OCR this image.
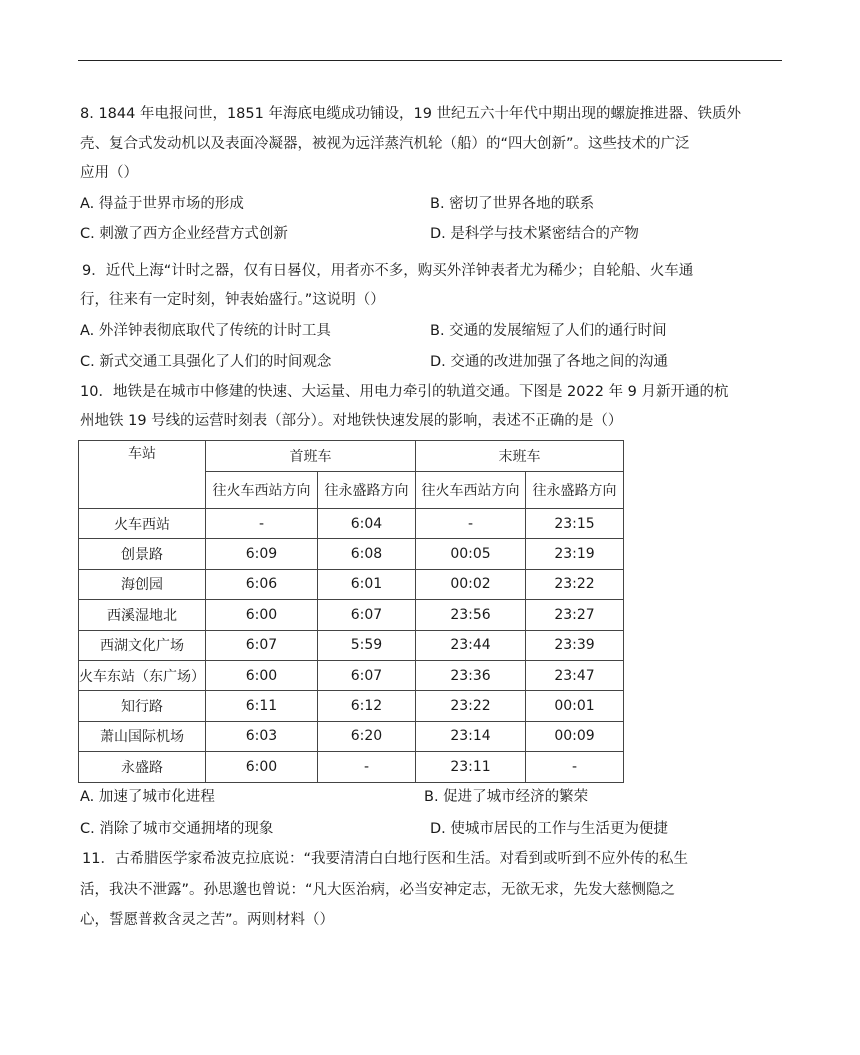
8. 1844 年电报问世，1851 年海底电缆成功铺设，19 世纪五六十年代中期出现的螺旋推进器、铁质外
壳、复合式发动机以及表面冷凝器，被视为远洋蒸汽机轮（船）的“四大创新”。这些技术的广泛
应用（）
A. 得益于世界市场的形成	B. 密切了世界各地的联系
C. 刺激了西方企业经营方式创新	D. 是科学与技术紧密结合的产物
9．近代上海“计时之器，仅有日晷仪，用者亦不多，购买外洋钟表者尤为稀少；自轮船、火车通
行，往来有一定时刻，钟表始盛行。”这说明（）
A. 外洋钟表彻底取代了传统的计时工具	B. 交通的发展缩短了人们的通行时间
C. 新式交通工具强化了人们的时间观念	D. 交通的改进加强了各地之间的沟通
10．地铁是在城市中修建的快速、大运量、用电力牵引的轨道交通。下图是 2022 年 9 月新开通的杭
州地铁 19 号线的运营时刻表（部分）。对地铁快速发展的影响，表述不正确的是（）
车站	首班车		末班车	
	往火车西站方向	往永盛路方向	往火车西站方向	往永盛路方向
火车西站	-	6:04	-	23:15
创景路	6:09	6:08	00:05	23:19
海创园	6:06	6:01	00:02	23:22
西溪湿地北	6:00	6:07	23:56	23:27
西湖文化广场	6:07	5:59	23:44	23:39
火车东站（东广场）	6:00	6:07	23:36	23:47
知行路	6:11	6:12	23:22	00:01
萧山国际机场	6:03	6:20	23:14	00:09
永盛路	6:00	-	23:11	-
A. 加速了城市化进程	B. 促进了城市经济的繁荣
C. 消除了城市交通拥堵的现象	D. 使城市居民的工作与生活更为便捷
11．古希腊医学家希波克拉底说：“我要清清白白地行医和生活。对看到或听到不应外传的私生
活，我决不泄露”。孙思邈也曾说：“凡大医治病，必当安神定志，无欲无求，先发大慈恻隐之
心，誓愿普救含灵之苦”。两则材料（）
